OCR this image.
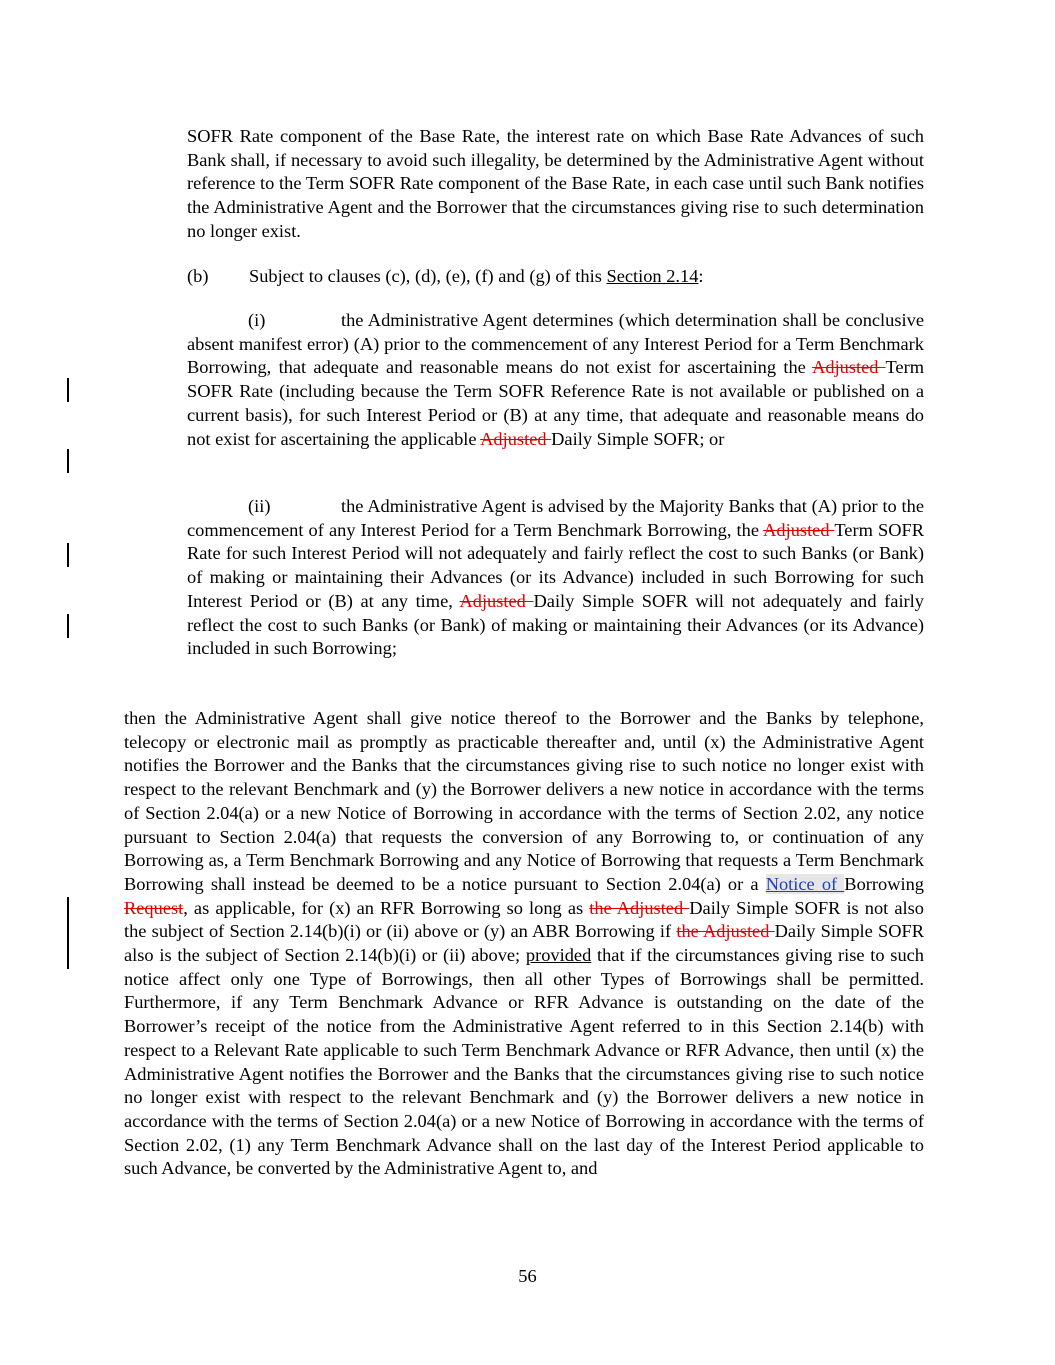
SOFR Rate component of the Base Rate, the interest rate on which Base Rate Advances of such Bank shall, if necessary to avoid such illegality, be determined by the Administrative Agent without reference to the Term SOFR Rate component of the Base Rate, in each case until such Bank notifies the Administrative Agent and the Borrower that the circumstances giving rise to such determination no longer exist.

(b) Subject to clauses (c), (d), (e), (f) and (g) of this Section 2.14:

(i)	the Administrative Agent determines (which determination shall be conclusive absent manifest error) (A) prior to the commencement of any Interest Period for a Term Benchmark Borrowing, that adequate and reasonable means do not exist for ascertaining the Adjusted Term SOFR Rate (including because the Term SOFR Reference Rate is not available or published on a current basis), for such Interest Period or (B) at any time, that adequate and reasonable means do not exist for ascertaining the applicable Adjusted Daily Simple SOFR; or

(ii)	the Administrative Agent is advised by the Majority Banks that (A) prior to the commencement of any Interest Period for a Term Benchmark Borrowing, the Adjusted Term SOFR Rate for such Interest Period will not adequately and fairly reflect the cost to such Banks (or Bank) of making or maintaining their Advances (or its Advance) included in such Borrowing for such Interest Period or (B) at any time, Adjusted Daily Simple SOFR will not adequately and fairly reflect the cost to such Banks (or Bank) of making or maintaining their Advances (or its Advance) included in such Borrowing;

then the Administrative Agent shall give notice thereof to the Borrower and the Banks by telephone, telecopy or electronic mail as promptly as practicable thereafter and, until (x) the Administrative Agent notifies the Borrower and the Banks that the circumstances giving rise to such notice no longer exist with respect to the relevant Benchmark and (y) the Borrower delivers a new notice in accordance with the terms of Section 2.04(a) or a new Notice of Borrowing in accordance with the terms of Section 2.02, any notice pursuant to Section 2.04(a) that requests the conversion of any Borrowing to, or continuation of any Borrowing as, a Term Benchmark Borrowing and any Notice of Borrowing that requests a Term Benchmark Borrowing shall instead be deemed to be a notice pursuant to Section 2.04(a) or a Notice of Borrowing Request, as applicable, for (x) an RFR Borrowing so long as the Adjusted Daily Simple SOFR is not also the subject of Section 2.14(b)(i) or (ii) above or (y) an ABR Borrowing if the Adjusted Daily Simple SOFR also is the subject of Section 2.14(b)(i) or (ii) above; provided that if the circumstances giving rise to such notice affect only one Type of Borrowings, then all other Types of Borrowings shall be permitted. Furthermore, if any Term Benchmark Advance or RFR Advance is outstanding on the date of the Borrower’s receipt of the notice from the Administrative Agent referred to in this Section 2.14(b) with respect to a Relevant Rate applicable to such Term Benchmark Advance or RFR Advance, then until (x) the Administrative Agent notifies the Borrower and the Banks that the circumstances giving rise to such notice no longer exist with respect to the relevant Benchmark and (y) the Borrower delivers a new notice in accordance with the terms of Section 2.04(a) or a new Notice of Borrowing in accordance with the terms of Section 2.02, (1) any Term Benchmark Advance shall on the last day of the Interest Period applicable to such Advance, be converted by the Administrative Agent to, and

56
